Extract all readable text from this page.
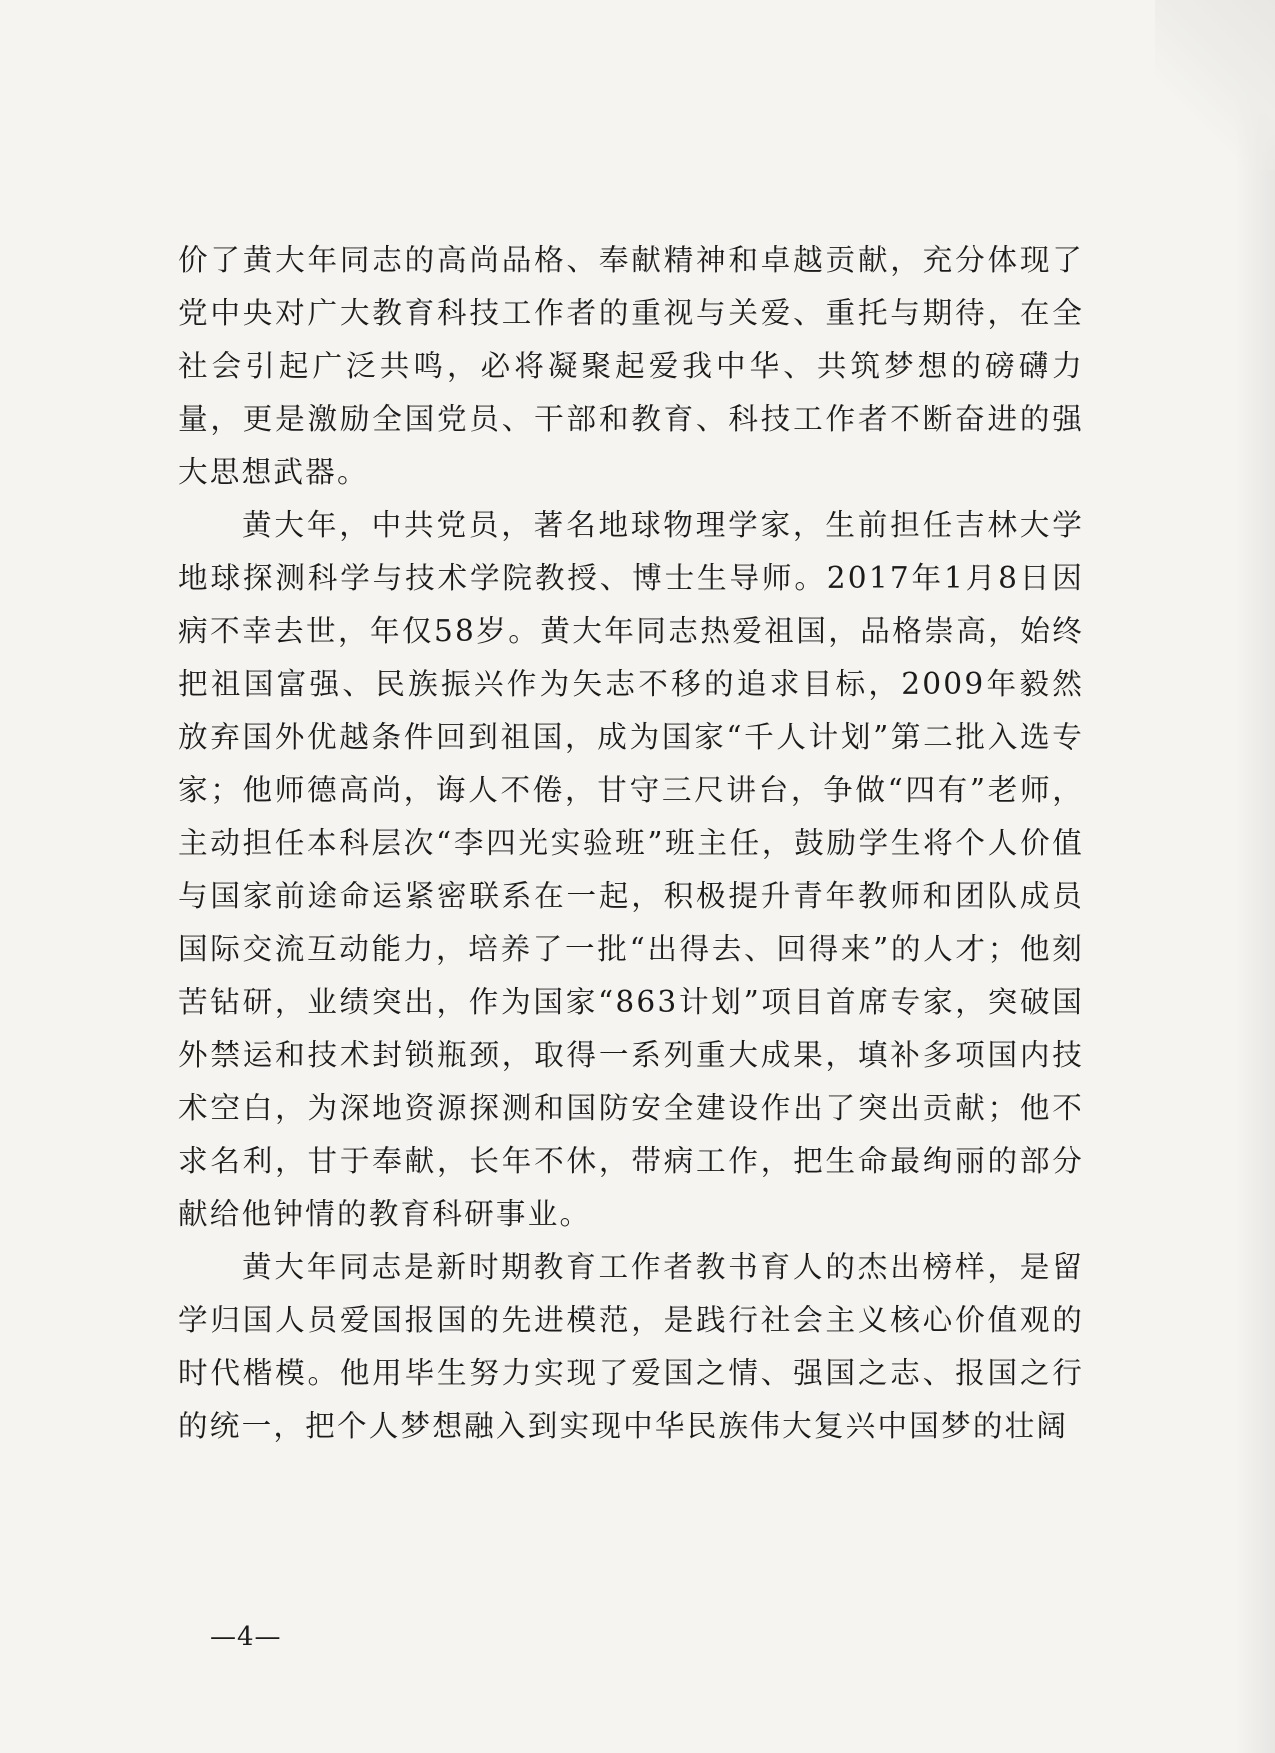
价了黄大年同志的高尚品格、奉献精神和卓越贡献，充分体现了党中央对广大教育科技工作者的重视与关爱、重托与期待，在全社会引起广泛共鸣，必将凝聚起爱我中华、共筑梦想的磅礴力量，更是激励全国党员、干部和教育、科技工作者不断奋进的强大思想武器。

黄大年，中共党员，著名地球物理学家，生前担任吉林大学地球探测科学与技术学院教授、博士生导师。2017年1月8日因病不幸去世，年仅58岁。黄大年同志热爱祖国，品格崇高，始终把祖国富强、民族振兴作为矢志不移的追求目标，2009年毅然放弃国外优越条件回到祖国，成为国家“千人计划”第二批入选专家；他师德高尚，诲人不倦，甘守三尺讲台，争做“四有”老师，主动担任本科层次“李四光实验班”班主任，鼓励学生将个人价值与国家前途命运紧密联系在一起，积极提升青年教师和团队成员国际交流互动能力，培养了一批“出得去、回得来”的人才；他刻苦钻研，业绩突出，作为国家“863计划”项目首席专家，突破国外禁运和技术封锁瓶颈，取得一系列重大成果，填补多项国内技术空白，为深地资源探测和国防安全建设作出了突出贡献；他不求名利，甘于奉献，长年不休，带病工作，把生命最绚丽的部分献给他钟情的教育科研事业。

黄大年同志是新时期教育工作者教书育人的杰出榜样，是留学归国人员爱国报国的先进模范，是践行社会主义核心价值观的时代楷模。他用毕生努力实现了爱国之情、强国之志、报国之行的统一，把个人梦想融入到实现中华民族伟大复兴中国梦的壮阔

—4—
